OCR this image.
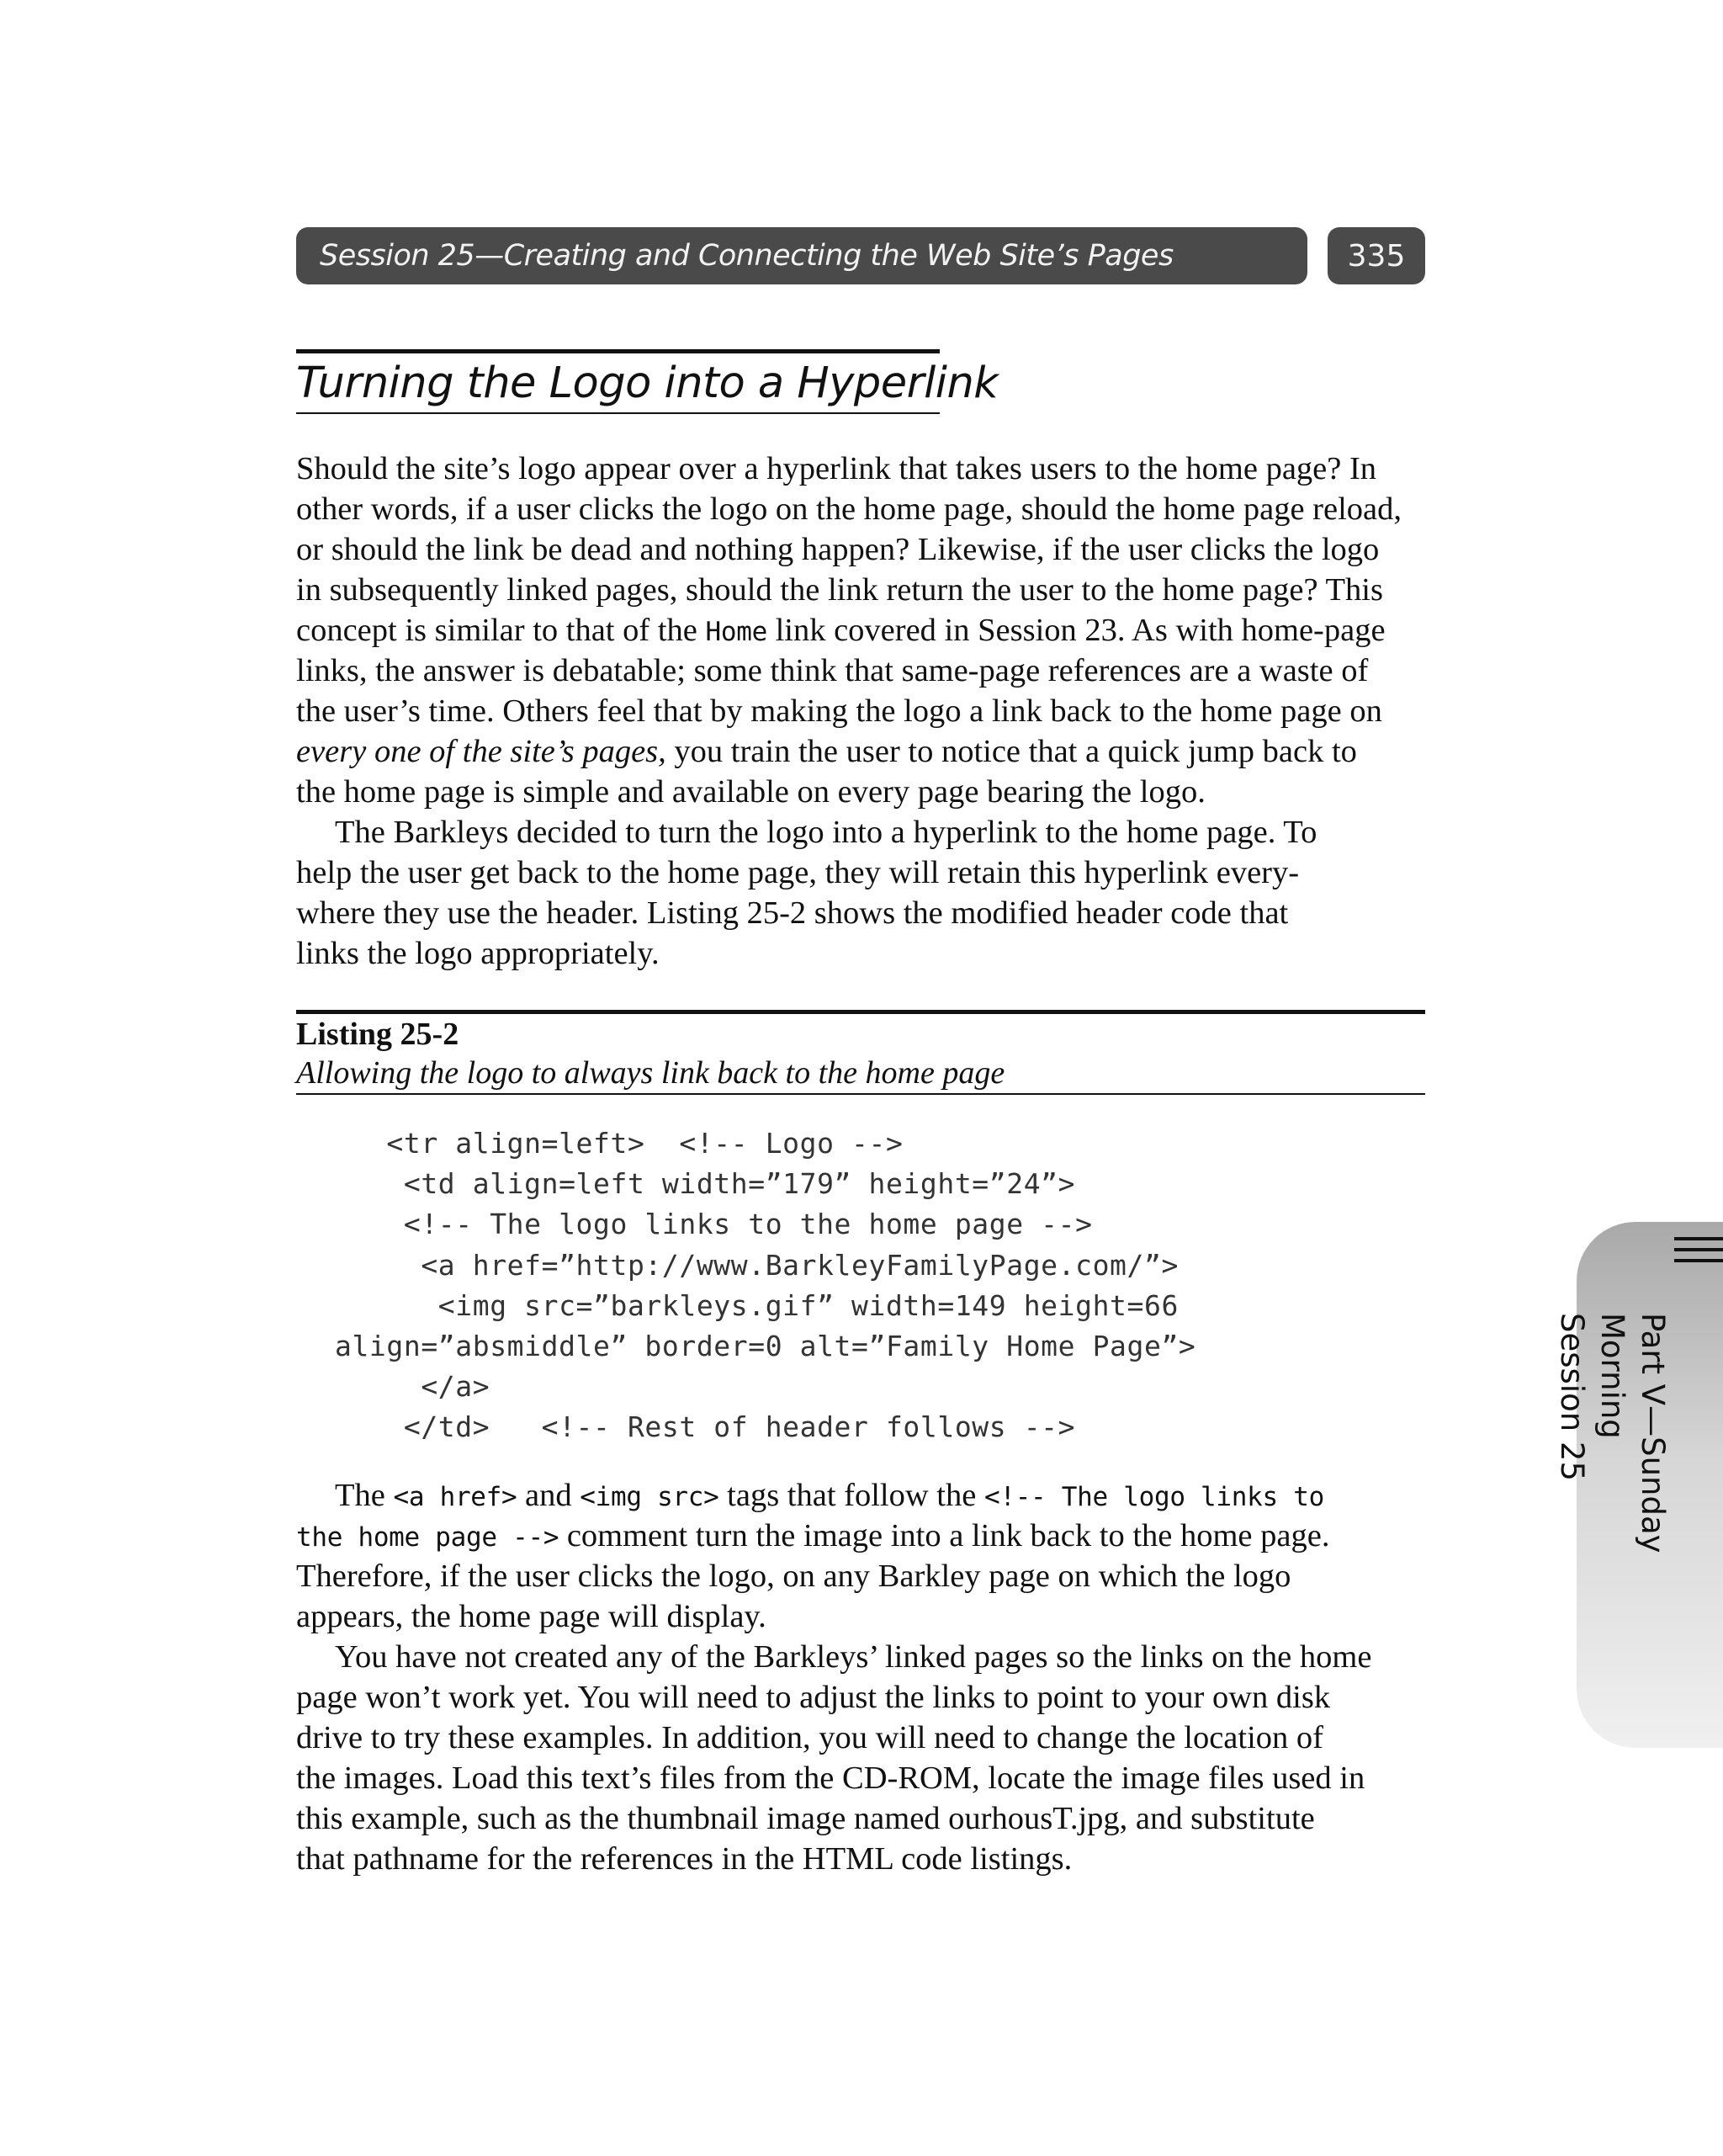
Session 25—Creating and Connecting the Web Site’s Pages	335
Turning the Logo into a Hyperlink
Should the site’s logo appear over a hyperlink that takes users to the home page? In
other words, if a user clicks the logo on the home page, should the home page reload,
or should the link be dead and nothing happen? Likewise, if the user clicks the logo
in subsequently linked pages, should the link return the user to the home page? This
concept is similar to that of the Home link covered in Session 23. As with home-page
links, the answer is debatable; some think that same-page references are a waste of
the user’s time. Others feel that by making the logo a link back to the home page on
every one of the site’s pages, you train the user to notice that a quick jump back to
the home page is simple and available on every page bearing the logo.
The Barkleys decided to turn the logo into a hyperlink to the home page. To
help the user get back to the home page, they will retain this hyperlink every-
where they use the header. Listing 25-2 shows the modified header code that
links the logo appropriately.
Listing 25-2
Allowing the logo to always link back to the home page
<tr align=left>  <!-- Logo -->
<td align=left width=”179” height=”24”>
<!-- The logo links to the home page -->
<a href=”http://www.BarkleyFamilyPage.com/”>
<img src=”barkleys.gif” width=149 height=66
align=”absmiddle” border=0 alt=”Family Home Page”>
</a>
</td>   <!-- Rest of header follows -->
The <a href> and <img src> tags that follow the <!-- The logo links to
the home page --> comment turn the image into a link back to the home page.
Therefore, if the user clicks the logo, on any Barkley page on which the logo
appears, the home page will display.
You have not created any of the Barkleys’ linked pages so the links on the home
page won’t work yet. You will need to adjust the links to point to your own disk
drive to try these examples. In addition, you will need to change the location of
the images. Load this text’s files from the CD-ROM, locate the image files used in
this example, such as the thumbnail image named ourhousT.jpg, and substitute
that pathname for the references in the HTML code listings.
Part V—Sunday Morning
Session 25
